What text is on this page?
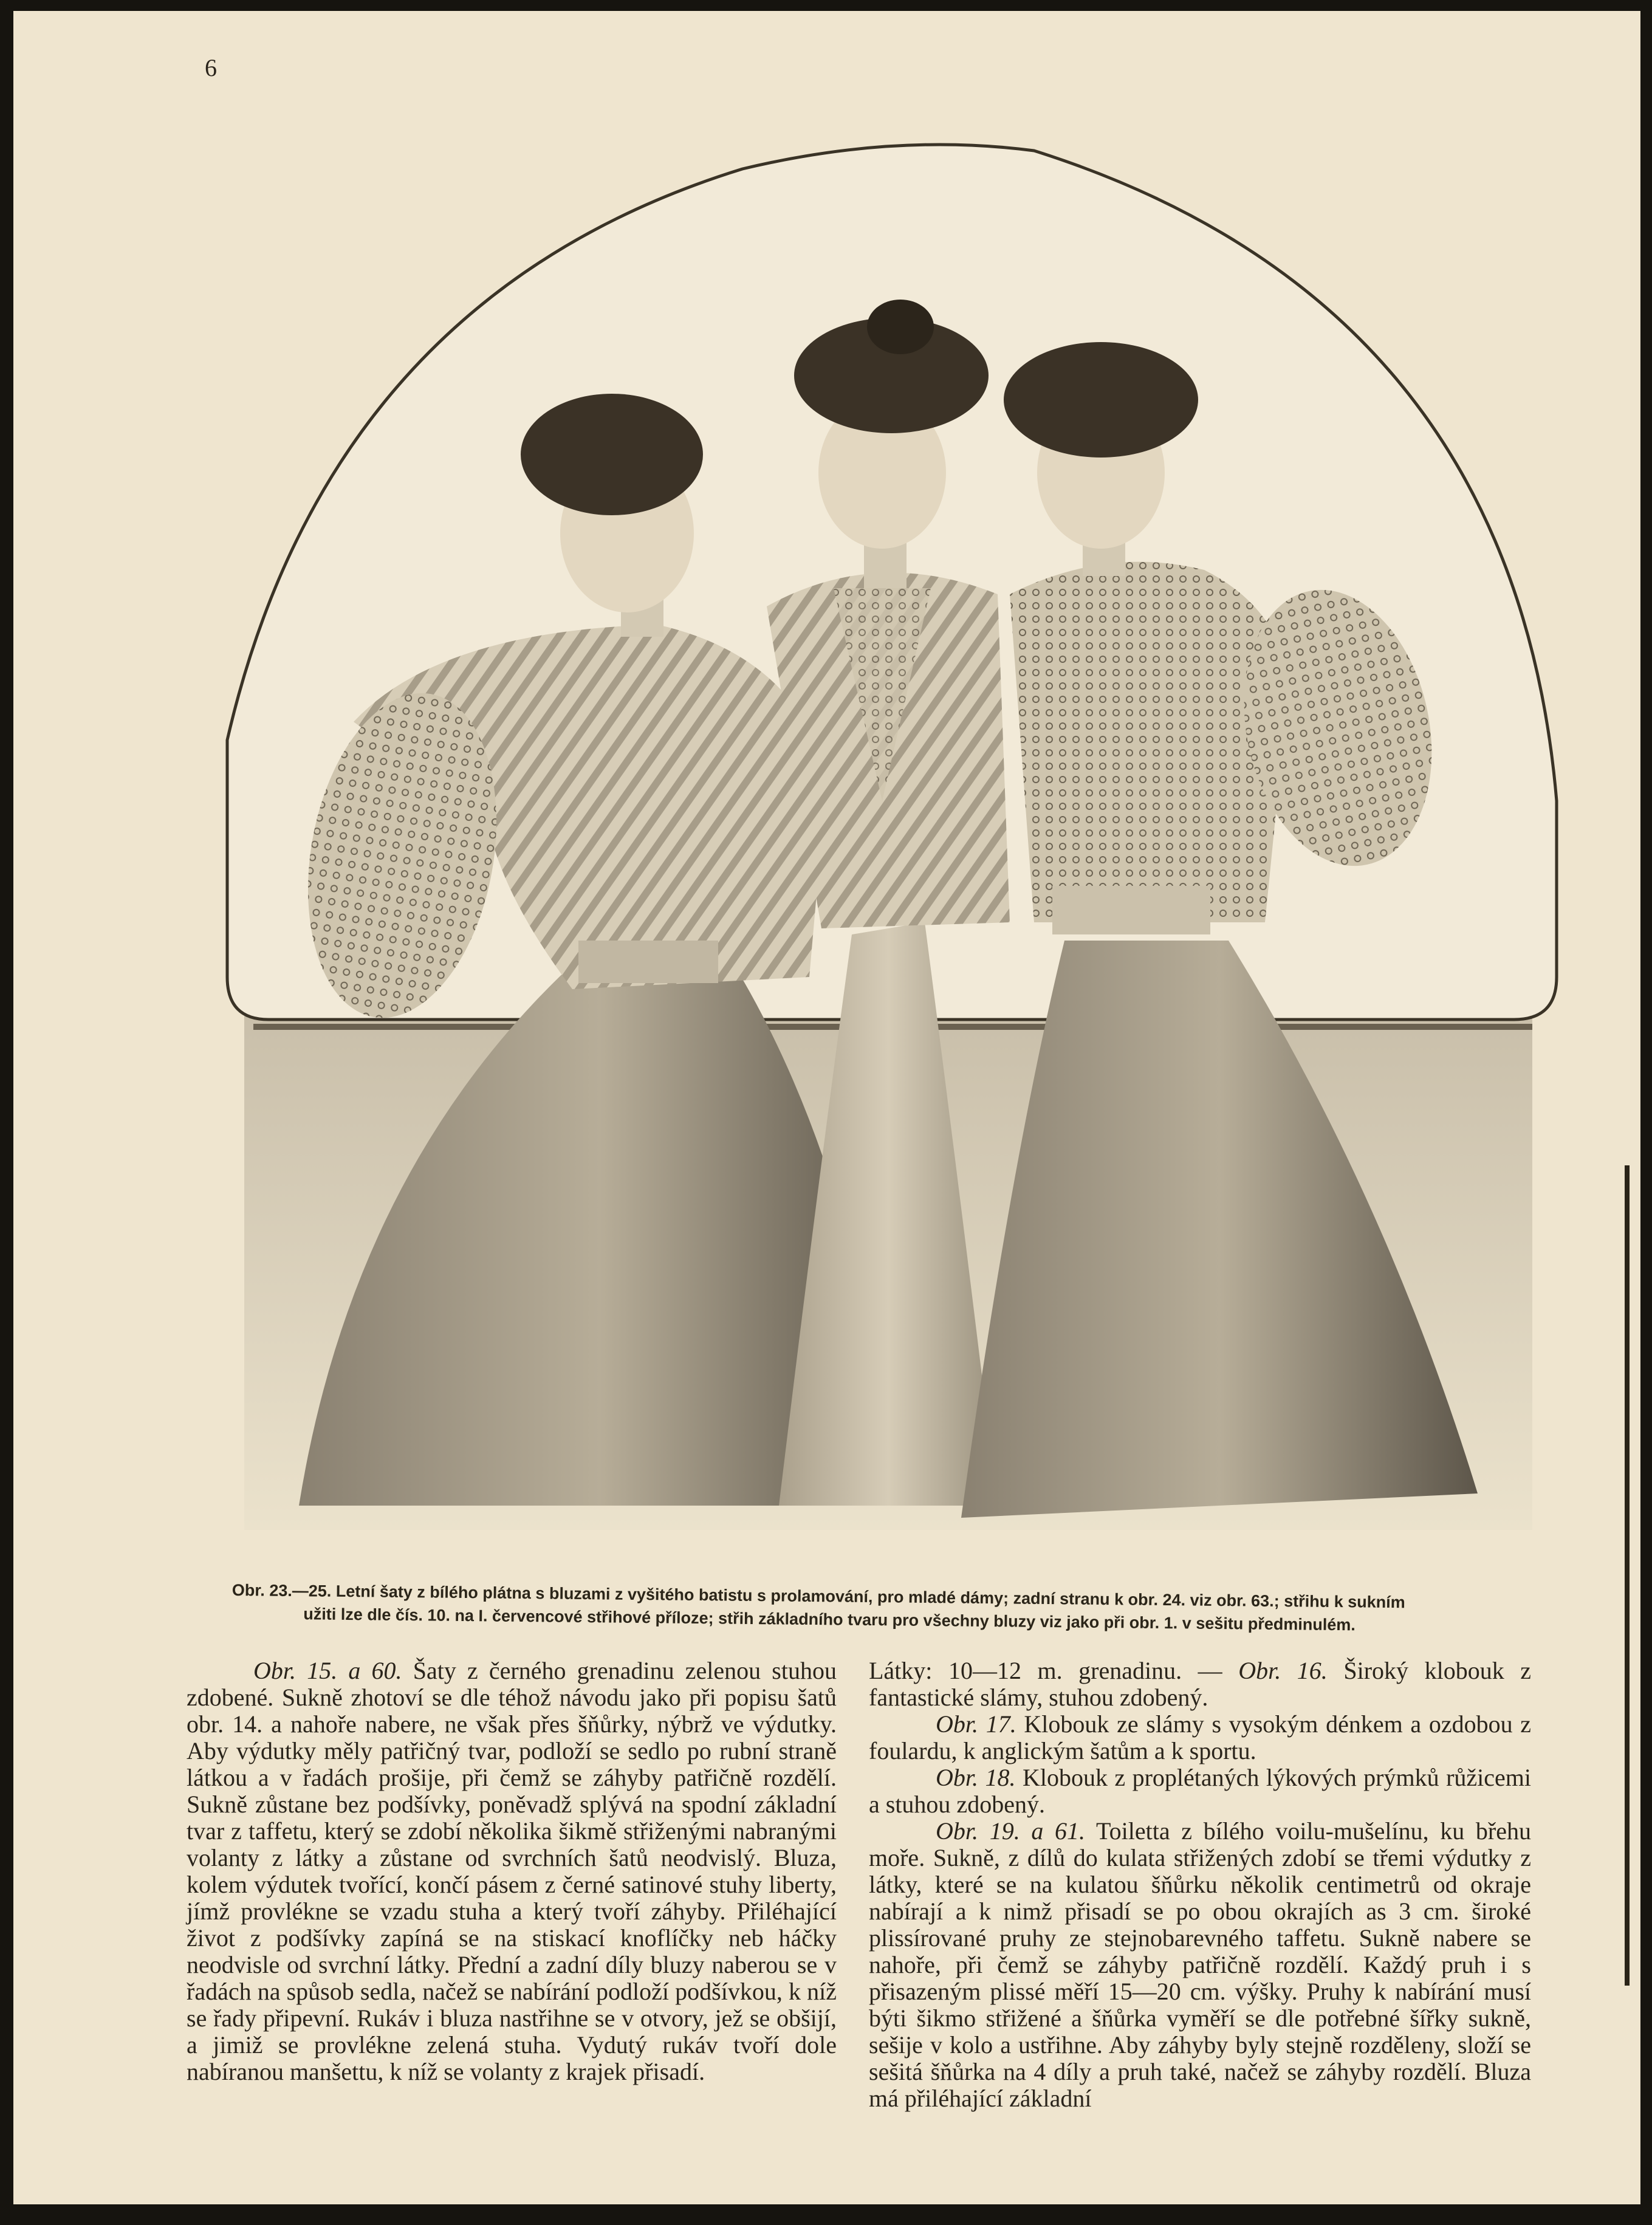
6
Obr. 23.—25. Letní šaty z bílého plátna s bluzami z vyšitého batistu s prolamování, pro mladé dámy; zadní stranu k obr. 24. viz obr. 63.; střihu k sukním
užiti lze dle čís. 10. na I. červencové střihové příloze; střih základního tvaru pro všechny bluzy viz jako při obr. 1. v sešitu předminulém.

Obr. 15. a 60. Šaty z černého grenadinu zelenou stuhou zdobené. Sukně zhotoví se dle téhož návodu jako při popisu šatů obr. 14. a nahoře nabere, ne však přes šňůrky, nýbrž ve výdutky. Aby výdutky měly patřičný tvar, podloží se sedlo po rubní straně látkou a v řadách prošije, při čemž se záhyby patřičně rozdělí. Sukně zůstane bez podšívky, poněvadž splývá na spodní základní tvar z taffetu, který se zdobí několika šikmě střiženými nabranými volanty z látky a zůstane od svrchních šatů neodvislý. Bluza, kolem výdutek tvořící, končí pásem z černé satinové stuhy liberty, jímž provlékne se vzadu stuha a který tvoří záhyby. Přiléhající život z podšívky zapíná se na stiskací knoflíčky neb háčky neodvisle od svrchní látky. Přední a zadní díly bluzy naberou se v řadách na spůsob sedla, načež se nabírání podloží podšívkou, k níž se řady připevní. Rukáv i bluza nastřihne se v otvory, jež se obšijí, a jimiž se provlékne zelená stuha. Vydutý rukáv tvoří dole nabíranou manšettu, k níž se volanty z krajek přisadí.

Látky: 10—12 m. grenadinu. — Obr. 16. Široký klobouk z fantastické slámy, stuhou zdobený.

Obr. 17. Klobouk ze slámy s vysokým dénkem a ozdobou z foulardu, k anglickým šatům a k sportu.

Obr. 18. Klobouk z proplétaných lýkových prýmků růžicemi a stuhou zdobený.

Obr. 19. a 61. Toiletta z bílého voilu-mušelínu, ku břehu moře. Sukně, z dílů do kulata střižených zdobí se třemi výdutky z látky, které se na kulatou šňůrku několik centimetrů od okraje nabírají a k nimž přisadí se po obou okrajích as 3 cm. široké plissírované pruhy ze stejnobarevného taffetu. Sukně nabere se nahoře, při čemž se záhyby patřičně rozdělí. Každý pruh i s přisazeným plissé měří 15—20 cm. výšky. Pruhy k nabírání musí býti šikmo střižené a šňůrka vyměří se dle potřebné šířky sukně, sešije v kolo a ustřihne. Aby záhyby byly stejně rozděleny, složí se sešitá šňůrka na 4 díly a pruh také, načež se záhyby rozdělí. Bluza má přiléhající základní
